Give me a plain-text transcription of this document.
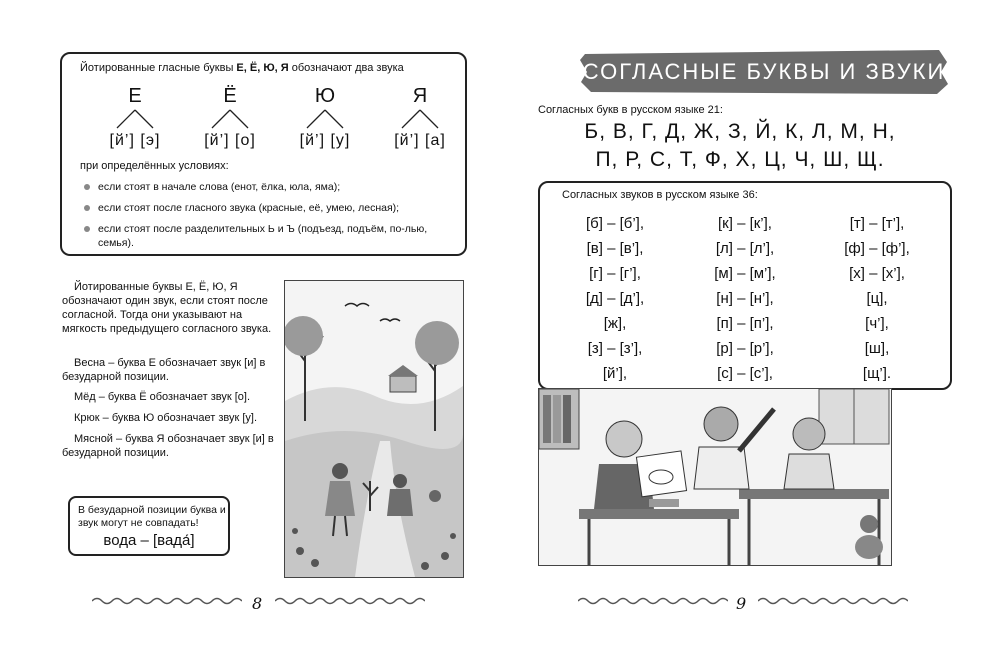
Йотированные гласные буквы Е, Ё, Ю, Я обозначают два звука
Е
[й’] [э]
Ё
[й’] [о]
Ю
[й’] [у]
Я
[й’] [а]
при определённых условиях:
если стоят в начале слова (енот, ёлка, юла, яма);
если стоят после гласного звука (красные, её, умею, лесная);
если стоят после разделительных Ь и Ъ (подъезд, подъём, по-лью, семья).
Йотированные буквы Е, Ё, Ю, Я обозначают один звук, если стоят после согласной. Тогда они указывают на мягкость предыдущего согласного звука.
Весна – буква Е обозначает звук [и] в безударной позиции.
Мёд – буква Ё обозначает звук [о].
Крюк – буква Ю обозначает звук [у].
Мясной – буква Я обозначает звук [и] в безударной позиции.
В безударной позиции буква и звук могут не совпадать!
вода – [вада́]
8
СОГЛАСНЫЕ БУКВЫ И ЗВУКИ
Согласных букв в русском языке 21:
Б, В, Г, Д, Ж, З, Й, К, Л, М, Н,
П, Р, С, Т, Ф, Х, Ц, Ч, Ш, Щ.
Согласных звуков в русском языке 36:
[б] – [б’],
[в] – [в’],
[г] – [г’],
[д] – [д’],
[ж],
[з] – [з’],
[й’],
[к] – [к’],
[л] – [л’],
[м] – [м’],
[н] – [н’],
[п] – [п’],
[р] – [р’],
[с] – [с’],
[т] – [т’],
[ф] – [ф’],
[х] – [х’],
[ц],
[ч’],
[ш],
[щ’].
9
